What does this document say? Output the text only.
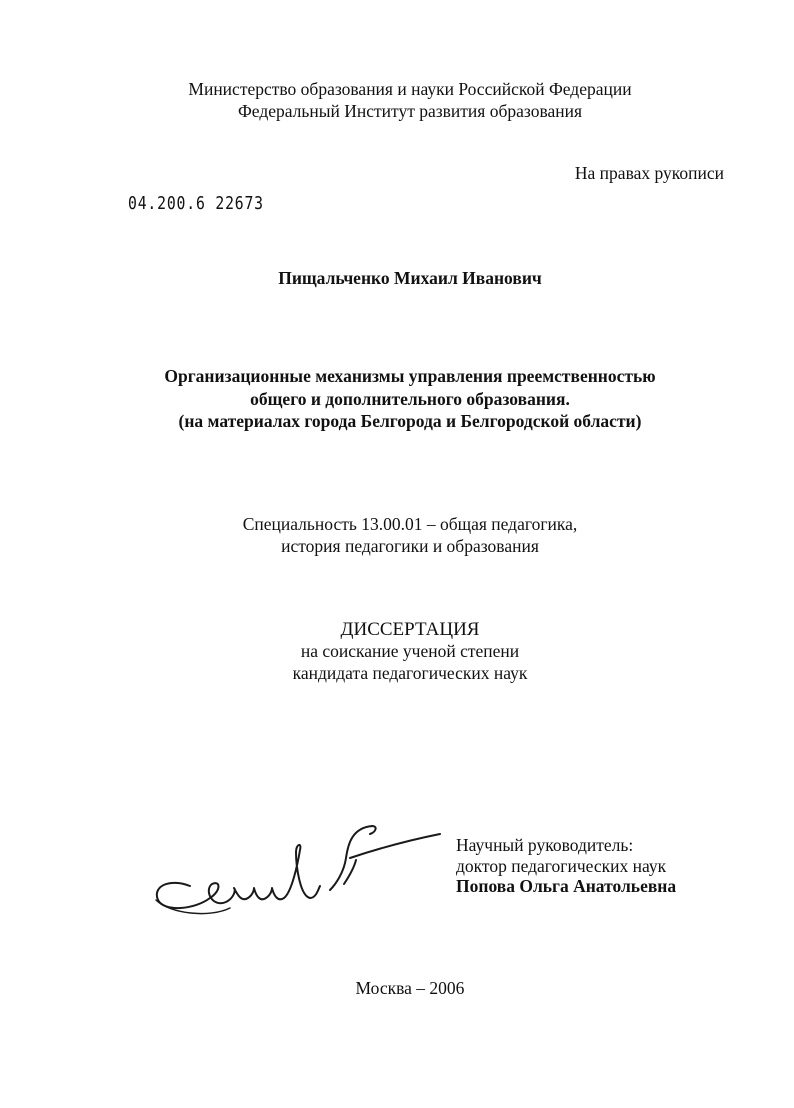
Министерство образования и науки Российской Федерации
Федеральный Институт развития образования
На правах рукописи
04.200.6 22673
Пищальченко Михаил Иванович
Организационные механизмы управления преемственностью
общего и дополнительного образования.
(на материалах города Белгорода и Белгородской области)
Специальность 13.00.01 – общая педагогика,
история педагогики и образования
ДИССЕРТАЦИЯ
на соискание ученой степени
кандидата педагогических наук
Научный руководитель:
доктор педагогических наук
Попова Ольга Анатольевна
Москва – 2006
